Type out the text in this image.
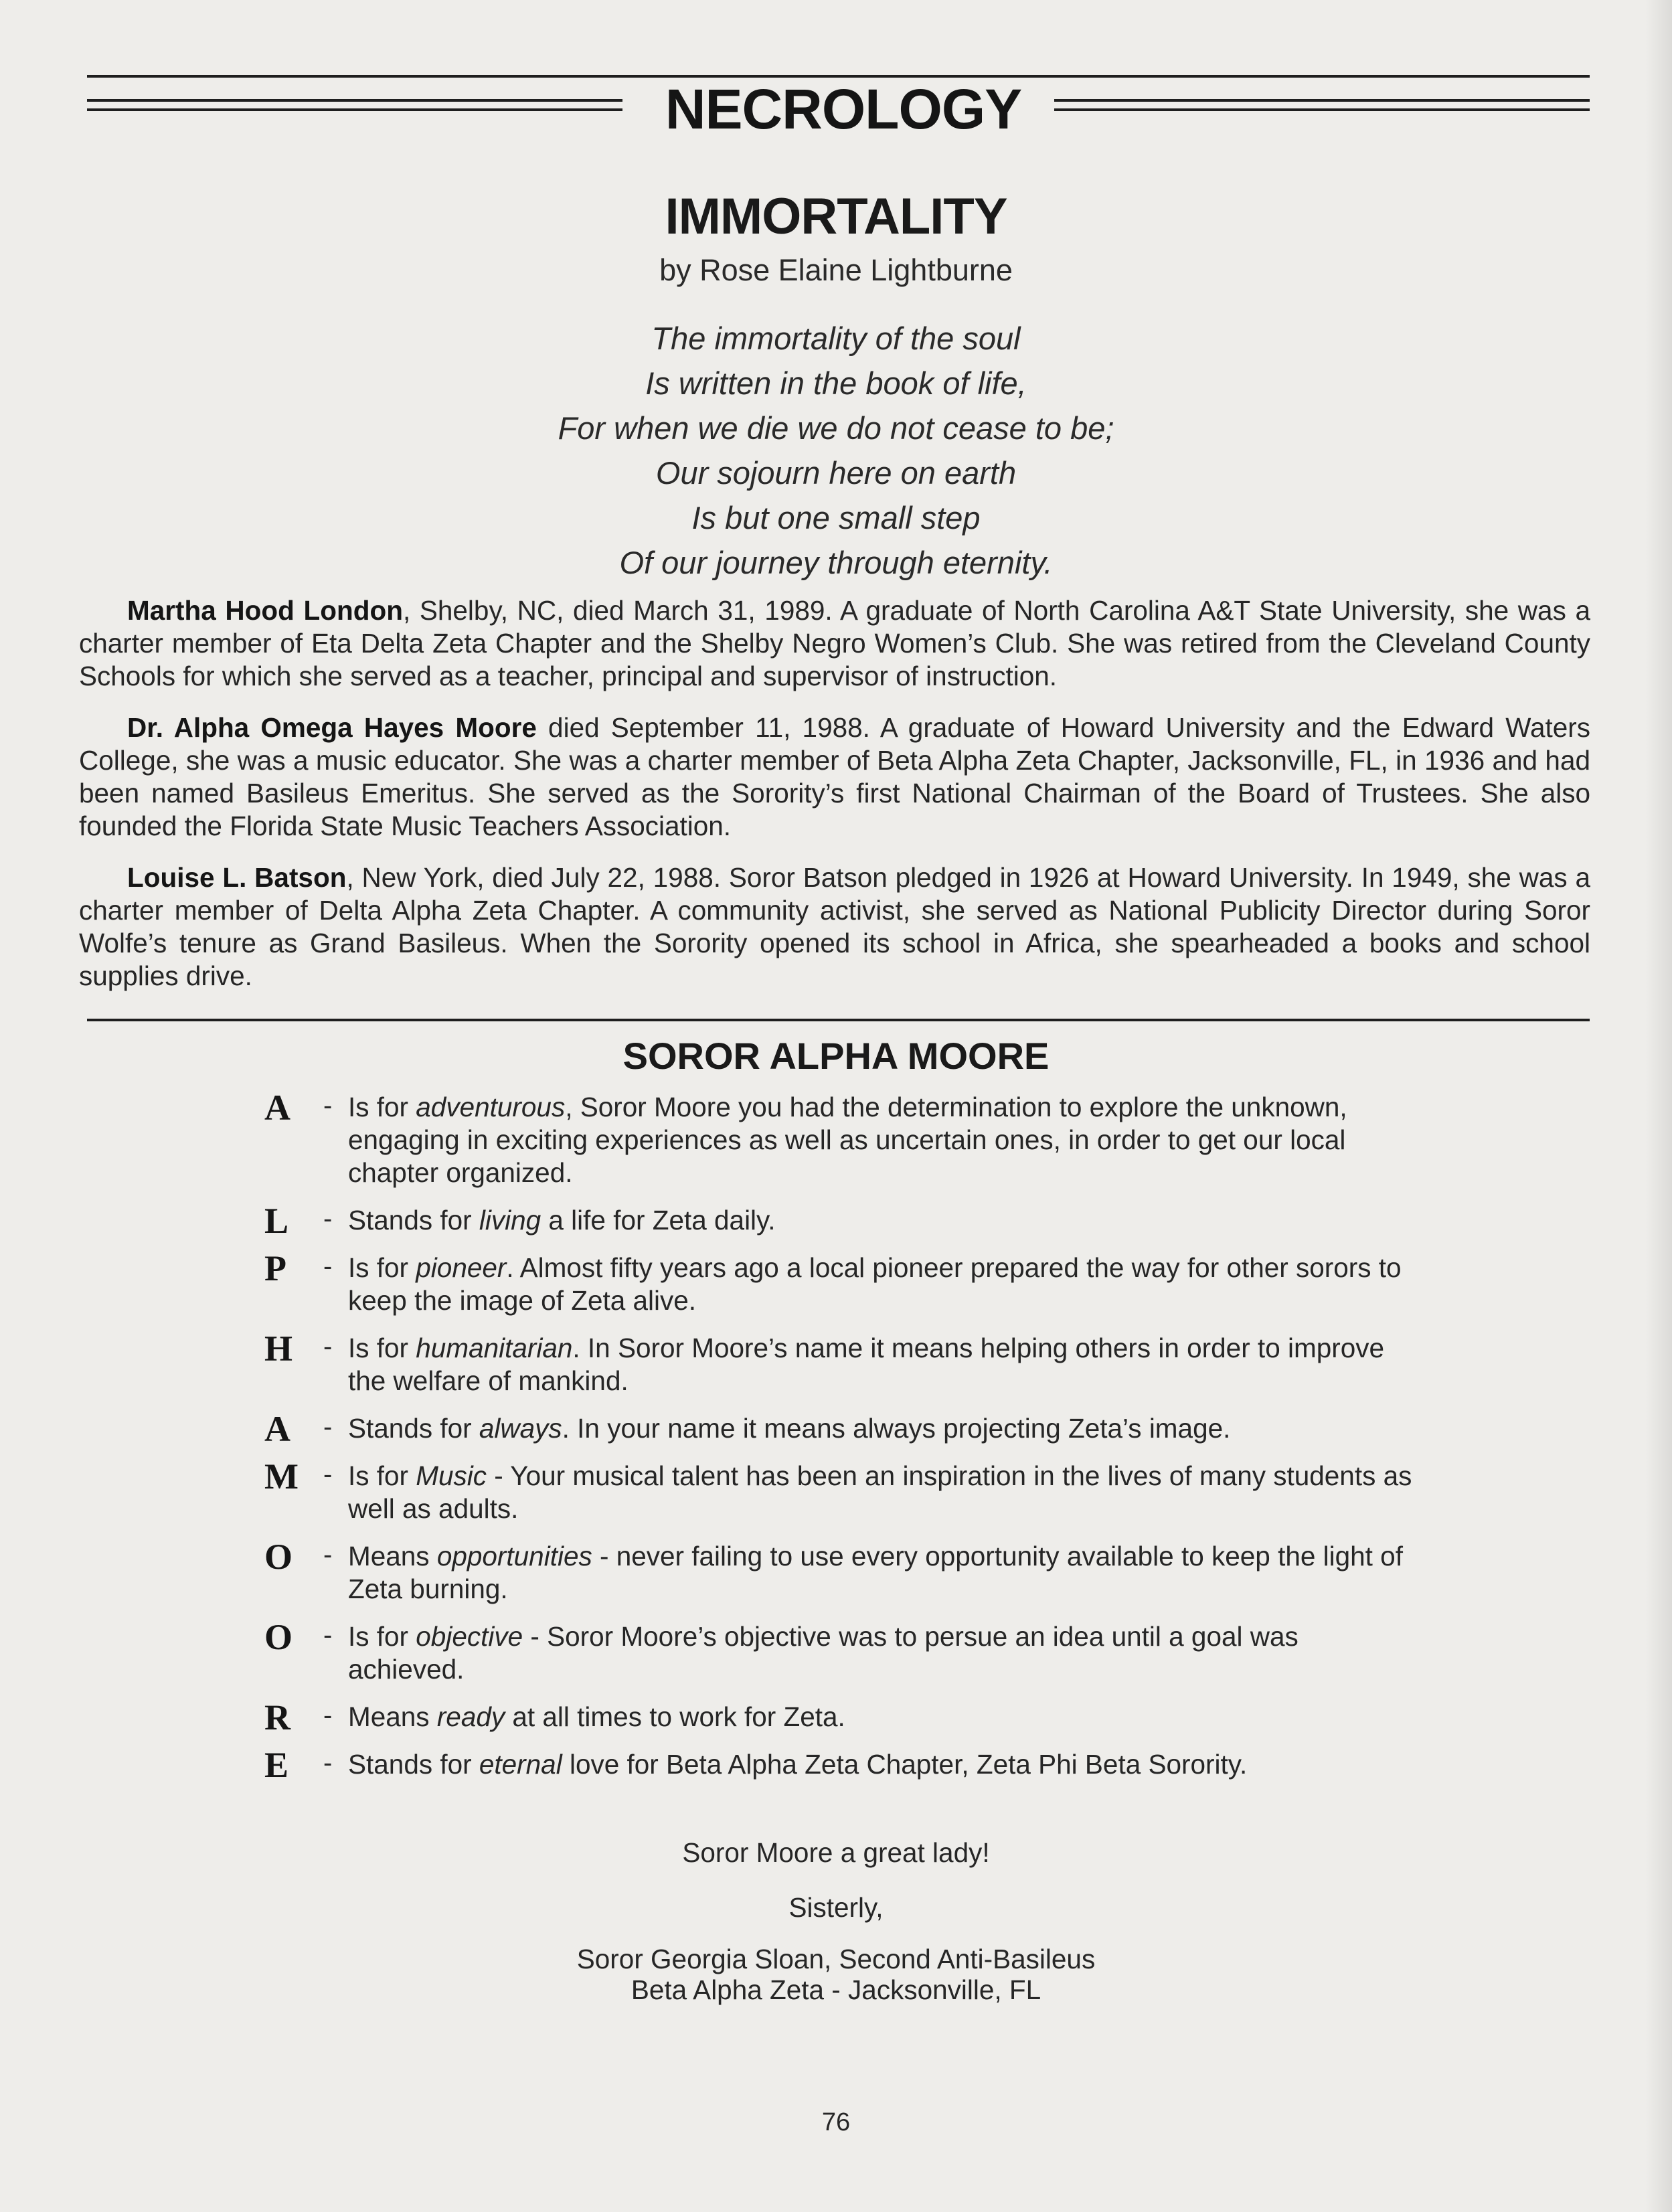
NECROLOGY
IMMORTALITY
by Rose Elaine Lightburne
The immortality of the soul
Is written in the book of life,
For when we die we do not cease to be;
Our sojourn here on earth
Is but one small step
Of our journey through eternity.

Martha Hood London, Shelby, NC, died March 31, 1989. A graduate of North Carolina A&T State University, she was a charter member of Eta Delta Zeta Chapter and the Shelby Negro Women’s Club. She was retired from the Cleveland County Schools for which she served as a teacher, principal and supervisor of instruction.

Dr. Alpha Omega Hayes Moore died September 11, 1988. A graduate of Howard University and the Edward Waters College, she was a music educator. She was a charter member of Beta Alpha Zeta Chapter, Jacksonville, FL, in 1936 and had been named Basileus Emeritus. She served as the Sorority’s first National Chairman of the Board of Trustees. She also founded the Florida State Music Teachers Association.

Louise L. Batson, New York, died July 22, 1988. Soror Batson pledged in 1926 at Howard University. In 1949, she was a charter member of Delta Alpha Zeta Chapter. A community activist, she served as National Publicity Director during Soror Wolfe’s tenure as Grand Basileus. When the Sorority opened its school in Africa, she spearheaded a books and school supplies drive.

SOROR ALPHA MOORE
A - Is for adventurous, Soror Moore you had the determination to explore the unknown, engaging in exciting experiences as well as uncertain ones, in order to get our local chapter organized.
L	- Stands for living a life for Zeta daily.
P	- Is for pioneer. Almost fifty years ago a local pioneer prepared the way for other sorors to keep the image of Zeta alive.
H - Is for humanitarian. In Soror Moore’s name it means helping others in order to improve the welfare of mankind.
A - Stands for always. In your name it means always projecting Zeta’s image.
M - Is for Music - Your musical talent has been an inspiration in the lives of many students as well as adults.
O - Means opportunities - never failing to use every opportunity available to keep the light of Zeta burning.
O - Is for objective - Soror Moore’s objective was to persue an idea until a goal was achieved.
R - Means ready at all times to work for Zeta.
E	- Stands for eternal love for Beta Alpha Zeta Chapter, Zeta Phi Beta Sorority.
Soror Moore a great lady!
Sisterly,
Soror Georgia Sloan, Second Anti-Basileus
Beta Alpha Zeta - Jacksonville, FL
76
